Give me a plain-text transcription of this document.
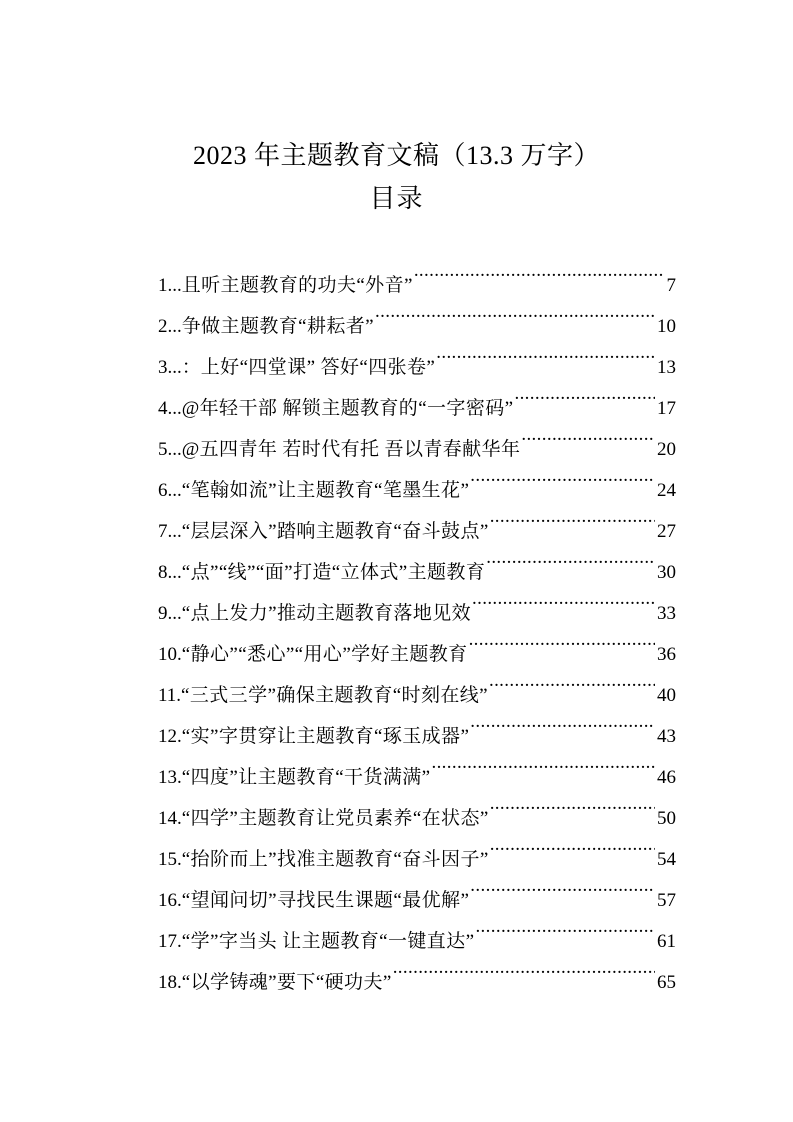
2023 年主题教育文稿（13.3 万字）
目录
1... 且听主题教育的功夫“外音” . . .	7
2... 争做主题教育“耕耘者” . . .	10
3...： 上好“四堂课” 答好“四张卷” . . .	13
4... @年轻干部 解锁主题教育的“一字密码” . . .	17
5... @五四青年 若时代有托 吾以青春献华年 . . .	20
6... “笔翰如流”让主题教育“笔墨生花” . . .	24
7... “层层深入”踏响主题教育“奋斗鼓点” . . .	27
8... “点”“线”“面”打造“立体式”主题教育 . . .	30
9... “点上发力”推动主题教育落地见效 . . .	33
10. “静心”“悉心”“用心”学好主题教育 . . .	36
11. “三式三学”确保主题教育“时刻在线” . . .	40
12. “实”字贯穿让主题教育“琢玉成器” . . .	43
13. “四度”让主题教育“干货满满” . . .	46
14. “四学”主题教育让党员素养“在状态” . . .	50
15. “抬阶而上”找准主题教育“奋斗因子” . . .	54
16. “望闻问切”寻找民生课题“最优解” . . .	57
17. “学”字当头 让主题教育“一键直达” . . .	61
18. “以学铸魂”要下“硬功夫” . . .	65
